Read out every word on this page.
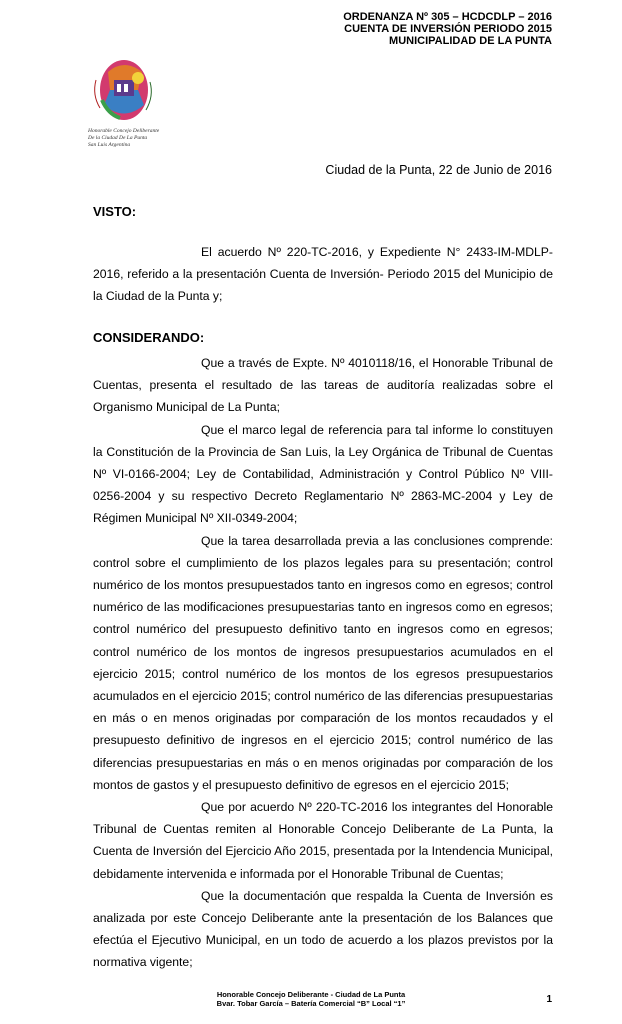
ORDENANZA Nº 305 – HCDCDLP – 2016
CUENTA DE INVERSIÓN PERIODO 2015
MUNICIPALIDAD DE LA PUNTA
Honorable Concejo Deliberante
De la Ciudad De La Punta
San Luis Argentina
Ciudad de la Punta, 22 de Junio de 2016
VISTO:

El acuerdo Nº 220-TC-2016, y Expediente N° 2433-IM-MDLP-2016, referido a la presentación Cuenta de Inversión- Periodo 2015 del Municipio de la Ciudad de la Punta y;

CONSIDERANDO:

Que a través de Expte. Nº 4010118/16, el Honorable Tribunal de Cuentas, presenta el resultado de las tareas de auditoría realizadas sobre el Organismo Municipal de La Punta;

Que el marco legal de referencia para tal informe lo constituyen la Constitución de la Provincia de San Luis, la Ley Orgánica de Tribunal de Cuentas Nº VI-0166-2004; Ley de Contabilidad, Administración y Control Público Nº VIII-0256-2004 y su respectivo Decreto Reglamentario Nº 2863-MC-2004 y Ley de Régimen Municipal Nº XII-0349-2004;

Que la tarea desarrollada previa a las conclusiones comprende: control sobre el cumplimiento de los plazos legales para su presentación; control numérico de los montos presupuestados tanto en ingresos como en egresos; control numérico de las modificaciones presupuestarias tanto en ingresos como en egresos; control numérico del presupuesto definitivo tanto en ingresos como en egresos; control numérico de los montos de ingresos presupuestarios acumulados en el ejercicio 2015; control numérico de los montos de los egresos presupuestarios acumulados en el ejercicio 2015; control numérico de las diferencias presupuestarias en más o en menos originadas por comparación de los montos recaudados y el presupuesto definitivo de ingresos en el ejercicio 2015; control numérico de las diferencias presupuestarias en más o en menos originadas por comparación de los montos de gastos y el presupuesto definitivo de egresos en el ejercicio 2015;

Que por acuerdo Nº 220-TC-2016 los integrantes del Honorable Tribunal de Cuentas remiten al Honorable Concejo Deliberante de La Punta, la Cuenta de Inversión del Ejercicio Año 2015, presentada por la Intendencia Municipal, debidamente intervenida e informada por el Honorable Tribunal de Cuentas;

Que la documentación que respalda la Cuenta de Inversión es analizada por este Concejo Deliberante ante la presentación de los Balances que efectúa el Ejecutivo Municipal, en un todo de acuerdo a los plazos previstos por la normativa vigente;

Honorable Concejo Deliberante - Ciudad de La Punta
Bvar. Tobar García – Batería Comercial “B” Local “1”	1
